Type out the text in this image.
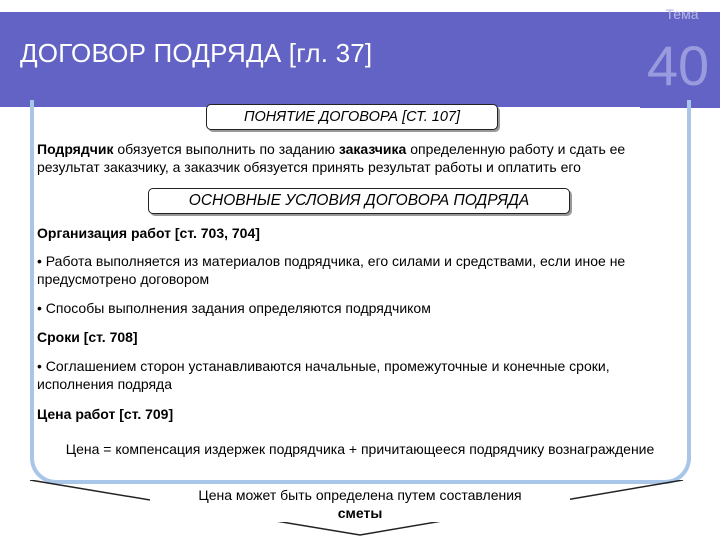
ДОГОВОР ПОДРЯДА [гл. 37]
Тема
40
ПОНЯТИЕ ДОГОВОРА [СТ. 107]
Подрядчик обязуется выполнить по заданию заказчика определенную работу и сдать ее результат заказчику, а заказчик обязуется принять результат работы и оплатить его
ОСНОВНЫЕ УСЛОВИЯ ДОГОВОРА ПОДРЯДА
Организация работ [ст. 703, 704]
• Работа выполняется из материалов подрядчика, его силами и средствами, если иное не предусмотрено договором
• Способы выполнения задания определяются подрядчиком
Сроки [ст. 708]
• Соглашением сторон устанавливаются начальные, промежуточные и конечные сроки, исполнения подряда
Цена работ [ст. 709]
Цена = компенсация издержек подрядчика + причитающееся подрядчику вознаграждение
Цена может быть определена путем составления
сметы
